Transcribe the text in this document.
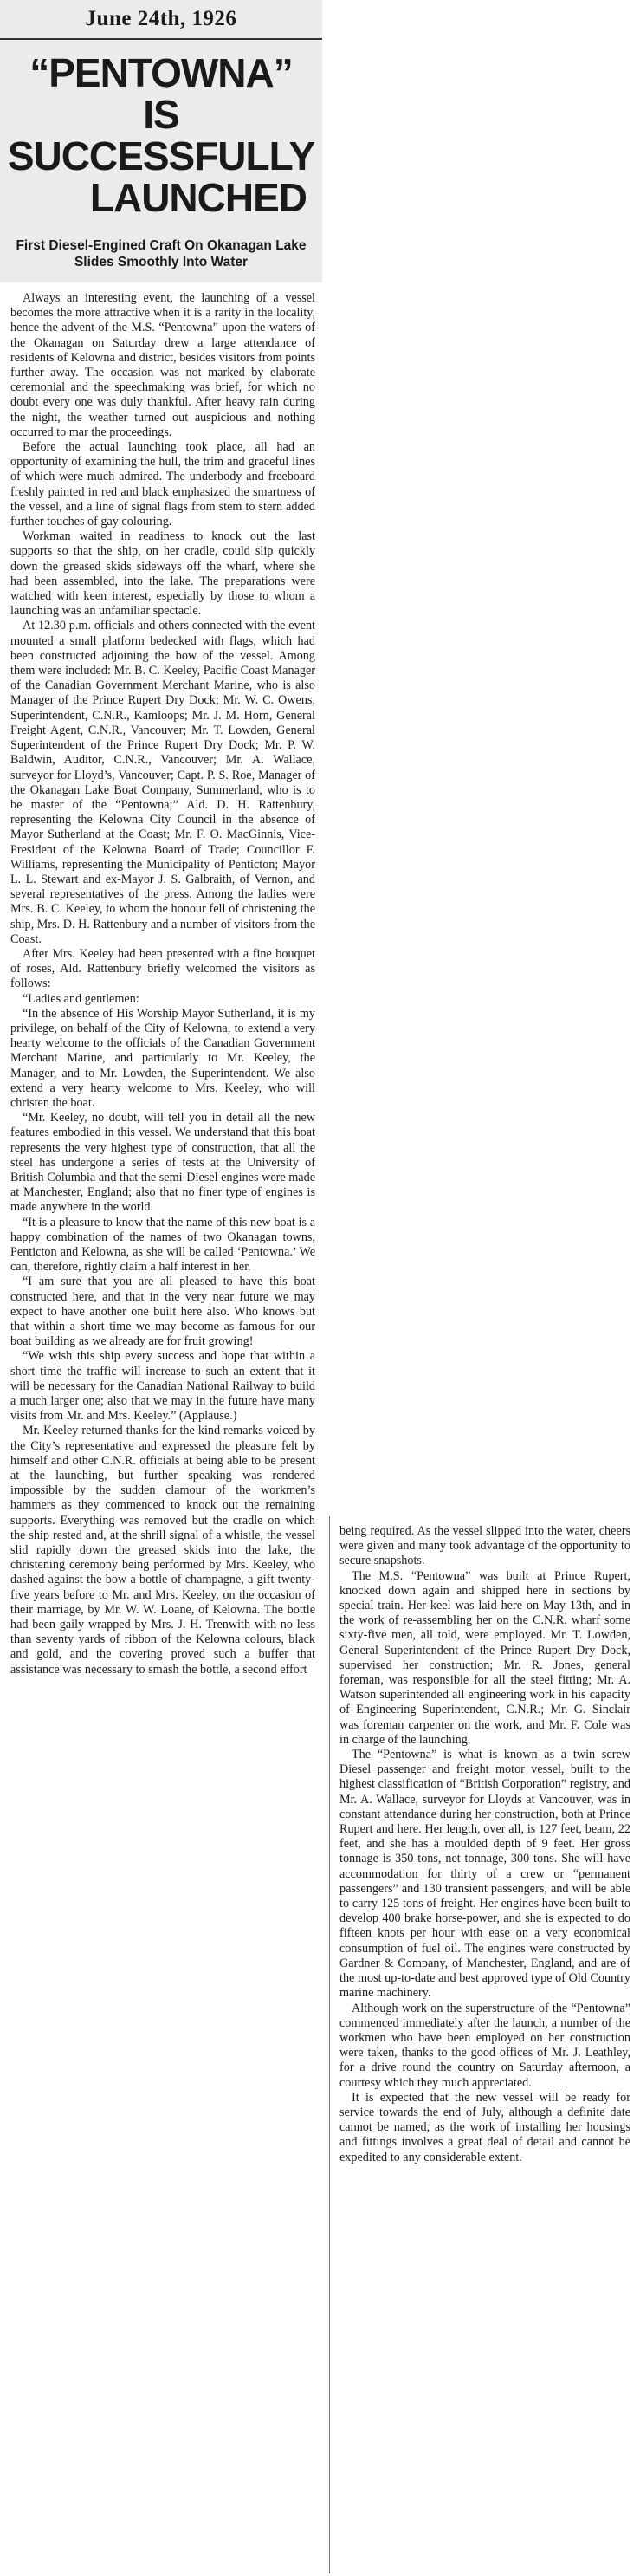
June 24th, 1926
“PENTOWNA” IS
SUCCESSFULLY
LAUNCHED
First Diesel-Engined Craft On Okanagan Lake Slides Smoothly Into Water

Always an interesting event, the launching of a vessel becomes the more attractive when it is a rarity in the locality, hence the advent of the M.S. “Pentowna” upon the waters of the Okanagan on Saturday drew a large attendance of residents of Kelowna and district, besides visitors from points further away. The occasion was not marked by elaborate ceremonial and the speechmaking was brief, for which no doubt every one was duly thankful. After heavy rain during the night, the weather turned out auspicious and nothing occurred to mar the proceedings.

Before the actual launching took place, all had an opportunity of examining the hull, the trim and graceful lines of which were much admired. The underbody and freeboard freshly painted in red and black emphasized the smartness of the vessel, and a line of signal flags from stem to stern added further touches of gay colouring.

Workman waited in readiness to knock out the last supports so that the ship, on her cradle, could slip quickly down the greased skids sideways off the wharf, where she had been assembled, into the lake. The preparations were watched with keen interest, especially by those to whom a launching was an unfamiliar spectacle.

At 12.30 p.m. officials and others connected with the event mounted a small platform bedecked with flags, which had been constructed adjoining the bow of the vessel. Among them were included: Mr. B. C. Keeley, Pacific Coast Manager of the Canadian Government Merchant Marine, who is also Manager of the Prince Rupert Dry Dock; Mr. W. C. Owens, Superintendent, C.N.R., Kamloops; Mr. J. M. Horn, General Freight Agent, C.N.R., Vancouver; Mr. T. Lowden, General Superintendent of the Prince Rupert Dry Dock; Mr. P. W. Baldwin, Auditor, C.N.R., Vancouver; Mr. A. Wallace, surveyor for Lloyd’s, Vancouver; Capt. P. S. Roe, Manager of the Okanagan Lake Boat Company, Summerland, who is to be master of the “Pentowna;” Ald. D. H. Rattenbury, representing the Kelowna City Council in the absence of Mayor Sutherland at the Coast; Mr. F. O. MacGinnis, Vice-President of the Kelowna Board of Trade; Councillor F. Williams, representing the Municipality of Penticton; Mayor L. L. Stewart and ex-Mayor J. S. Galbraith, of Vernon, and several representatives of the press. Among the ladies were Mrs. B. C. Keeley, to whom the honour fell of christening the ship, Mrs. D. H. Rattenbury and a number of visitors from the Coast.

After Mrs. Keeley had been presented with a fine bouquet of roses, Ald. Rattenbury briefly welcomed the visitors as follows:

“Ladies and gentlemen:

“In the absence of His Worship Mayor Sutherland, it is my privilege, on behalf of the City of Kelowna, to extend a very hearty welcome to the officials of the Canadian Government Merchant Marine, and particularly to Mr. Keeley, the Manager, and to Mr. Lowden, the Superintendent. We also extend a very hearty welcome to Mrs. Keeley, who will christen the boat.

“Mr. Keeley, no doubt, will tell you in detail all the new features embodied in this vessel. We understand that this boat represents the very highest type of construction, that all the steel has undergone a series of tests at the University of British Columbia and that the semi-Diesel engines were made at Manchester, England; also that no finer type of engines is made anywhere in the world.

“It is a pleasure to know that the name of this new boat is a happy combination of the names of two Okanagan towns, Penticton and Kelowna, as she will be called ‘Pentowna.’ We can, therefore, rightly claim a half interest in her.

“I am sure that you are all pleased to have this boat constructed here, and that in the very near future we may expect to have another one built here also. Who knows but that within a short time we may become as famous for our boat building as we already are for fruit growing!

“We wish this ship every success and hope that within a short time the traffic will increase to such an extent that it will be necessary for the Canadian National Railway to build a much larger one; also that we may in the future have many visits from Mr. and Mrs. Keeley.” (Applause.)

Mr. Keeley returned thanks for the kind remarks voiced by the City’s representative and expressed the pleasure felt by himself and other C.N.R. officials at being able to be present at the launching, but further speaking was rendered impossible by the sudden clamour of the workmen’s hammers as they commenced to knock out the remaining supports. Everything was removed but the cradle on which the ship rested and, at the shrill signal of a whistle, the vessel slid rapidly down the greased skids into the lake, the christening ceremony being performed by Mrs. Keeley, who dashed against the bow a bottle of champagne, a gift twenty-five years before to Mr. and Mrs. Keeley, on the occasion of their marriage, by Mr. W. W. Loane, of Kelowna. The bottle had been gaily wrapped by Mrs. J. H. Trenwith with no less than seventy yards of ribbon of the Kelowna colours, black and gold, and the covering proved such a buffer that assistance was necessary to smash the bottle, a second effort

being required. As the vessel slipped into the water, cheers were given and many took advantage of the opportunity to secure snapshots.

The M.S. “Pentowna” was built at Prince Rupert, knocked down again and shipped here in sections by special train. Her keel was laid here on May 13th, and in the work of re-assembling her on the C.N.R. wharf some sixty-five men, all told, were employed. Mr. T. Lowden, General Superintendent of the Prince Rupert Dry Dock, supervised her construction; Mr. R. Jones, general foreman, was responsible for all the steel fitting; Mr. A. Watson superintended all engineering work in his capacity of Engineering Superintendent, C.N.R.; Mr. G. Sinclair was foreman carpenter on the work, and Mr. F. Cole was in charge of the launching.

The “Pentowna” is what is known as a twin screw Diesel passenger and freight motor vessel, built to the highest classification of “British Corporation” registry, and Mr. A. Wallace, surveyor for Lloyds at Vancouver, was in constant attendance during her construction, both at Prince Rupert and here. Her length, over all, is 127 feet, beam, 22 feet, and she has a moulded depth of 9 feet. Her gross tonnage is 350 tons, net tonnage, 300 tons. She will have accommodation for thirty of a crew or “permanent passengers” and 130 transient passengers, and will be able to carry 125 tons of freight. Her engines have been built to develop 400 brake horse-power, and she is expected to do fifteen knots per hour with ease on a very economical consumption of fuel oil. The engines were constructed by Gardner & Company, of Manchester, England, and are of the most up-to-date and best approved type of Old Country marine machinery.

Although work on the superstructure of the “Pentowna” commenced immediately after the launch, a number of the workmen who have been employed on her construction were taken, thanks to the good offices of Mr. J. Leathley, for a drive round the country on Saturday afternoon, a courtesy which they much appreciated.

It is expected that the new vessel will be ready for service towards the end of July, although a definite date cannot be named, as the work of installing her housings and fittings involves a great deal of detail and cannot be expedited to any considerable extent.
